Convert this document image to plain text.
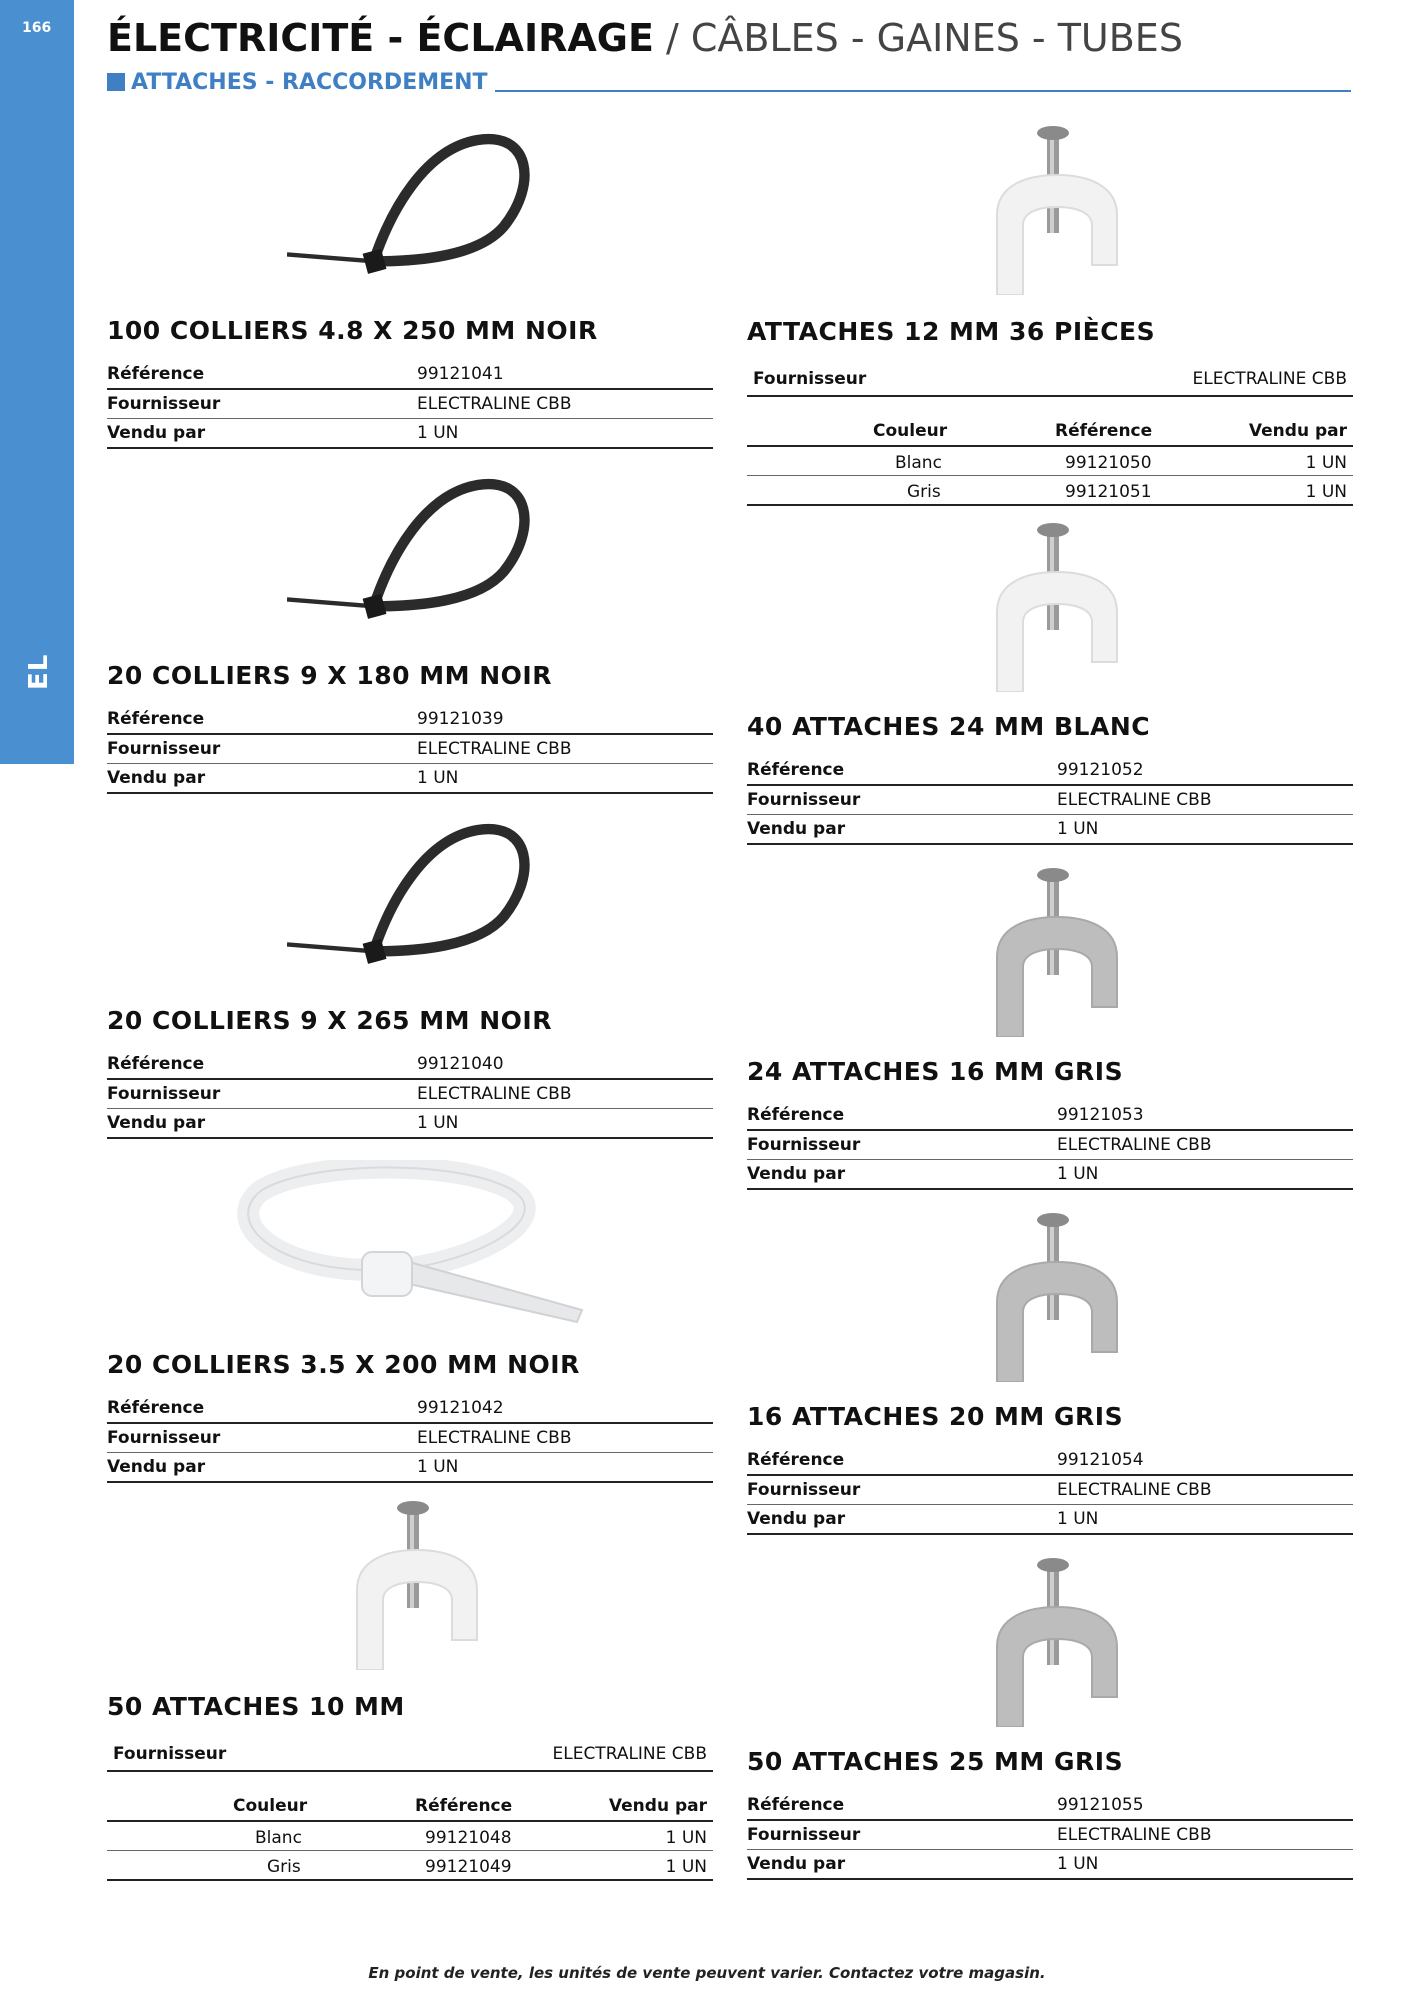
166
EL
ÉLECTRICITÉ - ÉCLAIRAGE / CÂBLES - GAINES - TUBES
ATTACHES - RACCORDEMENT
100 COLLIERS 4.8 X 250 MM NOIR
Référence	99121041
Fournisseur	ELECTRALINE CBB
Vendu par	1 UN
20 COLLIERS 9 X 180 MM NOIR
Référence	99121039
Fournisseur	ELECTRALINE CBB
Vendu par	1 UN
20 COLLIERS 9 X 265 MM NOIR
Référence	99121040
Fournisseur	ELECTRALINE CBB
Vendu par	1 UN
20 COLLIERS 3.5 X 200 MM NOIR
Référence	99121042
Fournisseur	ELECTRALINE CBB
Vendu par	1 UN
50 ATTACHES 10 MM
Fournisseur	ELECTRALINE CBB
Couleur	Référence	Vendu par
Blanc	99121048	1 UN
Gris	99121049	1 UN
ATTACHES 12 MM 36 PIÈCES
Fournisseur	ELECTRALINE CBB
Couleur	Référence	Vendu par
Blanc	99121050	1 UN
Gris	99121051	1 UN
40 ATTACHES 24 MM BLANC
Référence	99121052
Fournisseur	ELECTRALINE CBB
Vendu par	1 UN
24 ATTACHES 16 MM GRIS
Référence	99121053
Fournisseur	ELECTRALINE CBB
Vendu par	1 UN
16 ATTACHES 20 MM GRIS
Référence	99121054
Fournisseur	ELECTRALINE CBB
Vendu par	1 UN
50 ATTACHES 25 MM GRIS
Référence	99121055
Fournisseur	ELECTRALINE CBB
Vendu par	1 UN
En point de vente, les unités de vente peuvent varier. Contactez votre magasin.
